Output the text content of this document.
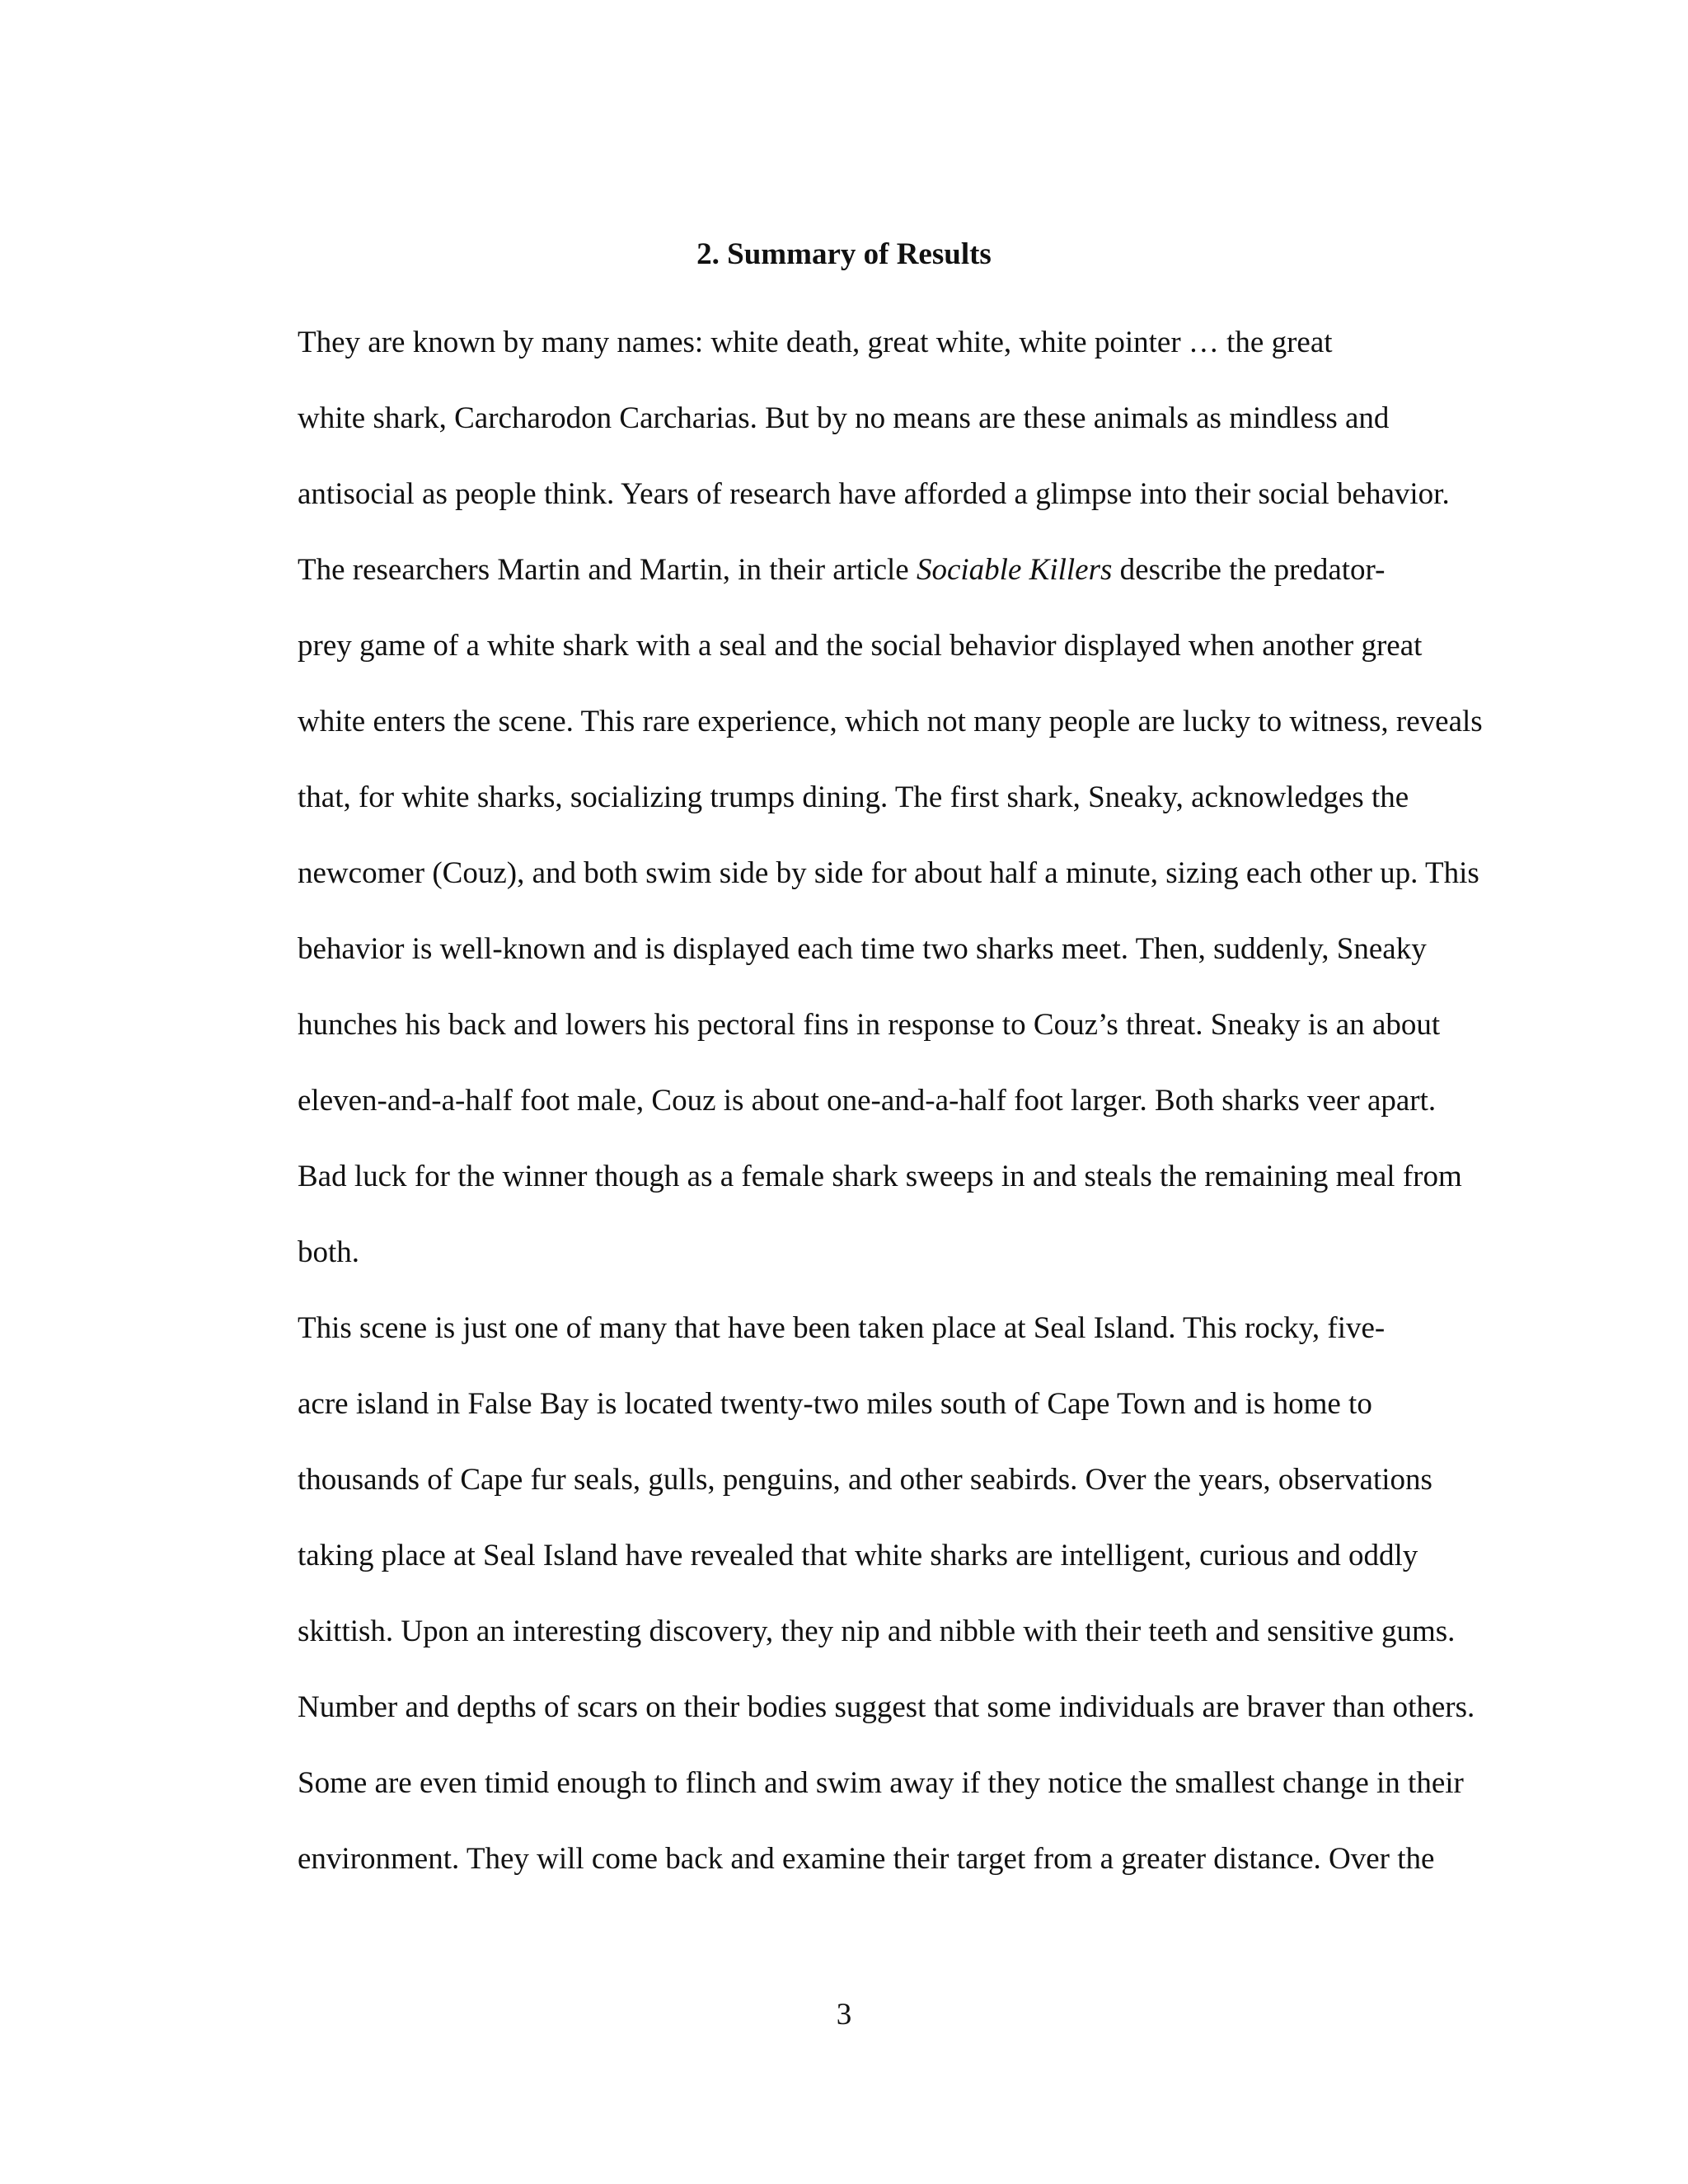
2. Summary of Results

They are known by many names: white death, great white, white pointer … the great
white shark, Carcharodon Carcharias. But by no means are these animals as mindless and
antisocial as people think. Years of research have afforded a glimpse into their social behavior.

The researchers Martin and Martin, in their article Sociable Killers describe the predator-
prey game of a white shark with a seal and the social behavior displayed when another great
white enters the scene. This rare experience, which not many people are lucky to witness, reveals
that, for white sharks, socializing trumps dining. The first shark, Sneaky, acknowledges the
newcomer (Couz), and both swim side by side for about half a minute, sizing each other up. This
behavior is well-known and is displayed each time two sharks meet. Then, suddenly, Sneaky
hunches his back and lowers his pectoral fins in response to Couz’s threat. Sneaky is an about
eleven-and-a-half foot male, Couz is about one-and-a-half foot larger. Both sharks veer apart.
Bad luck for the winner though as a female shark sweeps in and steals the remaining meal from
both.

This scene is just one of many that have been taken place at Seal Island. This rocky, five-
acre island in False Bay is located twenty-two miles south of Cape Town and is home to
thousands of Cape fur seals, gulls, penguins, and other seabirds. Over the years, observations
taking place at Seal Island have revealed that white sharks are intelligent, curious and oddly
skittish. Upon an interesting discovery, they nip and nibble with their teeth and sensitive gums.
Number and depths of scars on their bodies suggest that some individuals are braver than others.
Some are even timid enough to flinch and swim away if they notice the smallest change in their
environment. They will come back and examine their target from a greater distance. Over the

3
